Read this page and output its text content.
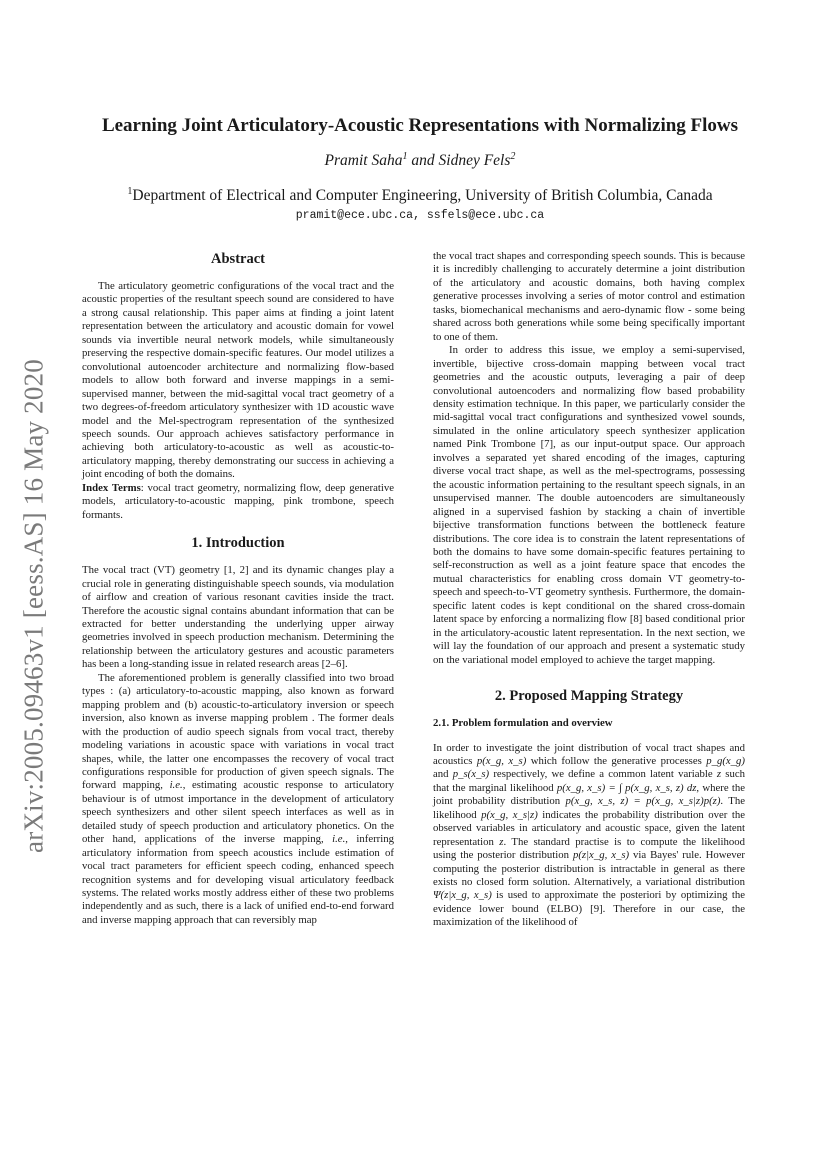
arXiv:2005.09463v1 [eess.AS] 16 May 2020
Learning Joint Articulatory-Acoustic Representations with Normalizing Flows
Pramit Saha$^1$ and Sidney Fels$^2$
$^1$Department of Electrical and Computer Engineering, University of British Columbia, Canada
pramit@ece.ubc.ca, ssfels@ece.ubc.ca
Abstract

The articulatory geometric configurations of the vocal tract and the acoustic properties of the resultant speech sound are considered to have a strong causal relationship. This paper aims at finding a joint latent representation between the articulatory and acoustic domain for vowel sounds via invertible neural network models, while simultaneously preserving the respective domain-specific features. Our model utilizes a convolutional autoencoder architecture and normalizing flow-based models to allow both forward and inverse mappings in a semi-supervised manner, between the mid-sagittal vocal tract geometry of a two degrees-of-freedom articulatory synthesizer with 1D acoustic wave model and the Mel-spectrogram representation of the synthesized speech sounds. Our approach achieves satisfactory performance in achieving both articulatory-to-acoustic as well as acoustic-to-articulatory mapping, thereby demonstrating our success in achieving a joint encoding of both the domains.

Index Terms: vocal tract geometry, normalizing flow, deep generative models, articulatory-to-acoustic mapping, pink trombone, speech formants.

1. Introduction

The vocal tract (VT) geometry [1, 2] and its dynamic changes play a crucial role in generating distinguishable speech sounds, via modulation of airflow and creation of various resonant cavities inside the tract. Therefore the acoustic signal contains abundant information that can be extracted for better understanding the underlying upper airway geometries involved in speech production mechanism. Determining the relationship between the articulatory gestures and acoustic parameters has been a long-standing issue in related research areas [2–6].

The aforementioned problem is generally classified into two broad types : (a) articulatory-to-acoustic mapping, also known as forward mapping problem and (b) acoustic-to-articulatory inversion or speech inversion, also known as inverse mapping problem . The former deals with the production of audio speech signals from vocal tract, thereby modeling variations in acoustic space with variations in vocal tract shapes, while, the latter one encompasses the recovery of vocal tract configurations responsible for production of given speech signals. The forward mapping, i.e., estimating acoustic response to articulatory behaviour is of utmost importance in the development of articulatory speech synthesizers and other silent speech interfaces as well as in detailed study of speech production and articulatory phonetics. On the other hand, applications of the inverse mapping, i.e., inferring articulatory information from speech acoustics include estimation of vocal tract parameters for efficient speech coding, enhanced speech recognition systems and for developing visual articulatory feedback systems. The related works mostly address either of these two problems independently and as such, there is a lack of unified end-to-end forward and inverse mapping approach that can reversibly map

the vocal tract shapes and corresponding speech sounds. This is because it is incredibly challenging to accurately determine a joint distribution of the articulatory and acoustic domains, both having complex generative processes involving a series of motor control and estimation tasks, biomechanical mechanisms and aero-dynamic flow - some being shared across both generations while some being specifically important to one of them.

In order to address this issue, we employ a semi-supervised, invertible, bijective cross-domain mapping between vocal tract geometries and the acoustic outputs, leveraging a pair of deep convolutional autoencoders and normalizing flow based probability density estimation technique. In this paper, we particularly consider the mid-sagittal vocal tract configurations and synthesized vowel sounds, simulated in the online articulatory speech synthesizer application named Pink Trombone [7], as our input-output space. Our approach involves a separated yet shared encoding of the images, capturing diverse vocal tract shape, as well as the mel-spectrograms, possessing the acoustic information pertaining to the resultant speech signals, in an unsupervised manner. The double autoencoders are simultaneously aligned in a supervised fashion by stacking a chain of invertible bijective transformation functions between the bottleneck feature distributions. The core idea is to constrain the latent representations of both the domains to have some domain-specific features pertaining to self-reconstruction as well as a joint feature space that encodes the mutual characteristics for enabling cross domain VT geometry-to-speech and speech-to-VT geometry synthesis. Furthermore, the domain-specific latent codes is kept conditional on the shared cross-domain latent space by enforcing a normalizing flow [8] based conditional prior in the articulatory-acoustic latent representation. In the next section, we will lay the foundation of our approach and present a systematic study on the variational model employed to achieve the target mapping.

2. Proposed Mapping Strategy
2.1. Problem formulation and overview

In order to investigate the joint distribution of vocal tract shapes and acoustics p(x_g, x_s) which follow the generative processes p_g(x_g) and p_s(x_s) respectively, we define a common latent variable z such that the marginal likelihood p(x_g, x_s) = ∫ p(x_g, x_s, z) dz, where the joint probability distribution p(x_g, x_s, z) = p(x_g, x_s|z)p(z). The likelihood p(x_g, x_s|z) indicates the probability distribution over the observed variables in articulatory and acoustic space, given the latent representation z. The standard practise is to compute the likelihood using the posterior distribution p(z|x_g, x_s) via Bayes' rule. However computing the posterior distribution is intractable in general as there exists no closed form solution. Alternatively, a variational distribution Ψ(z|x_g, x_s) is used to approximate the posteriori by optimizing the evidence lower bound (ELBO) [9]. Therefore in our case, the maximization of the likelihood of
